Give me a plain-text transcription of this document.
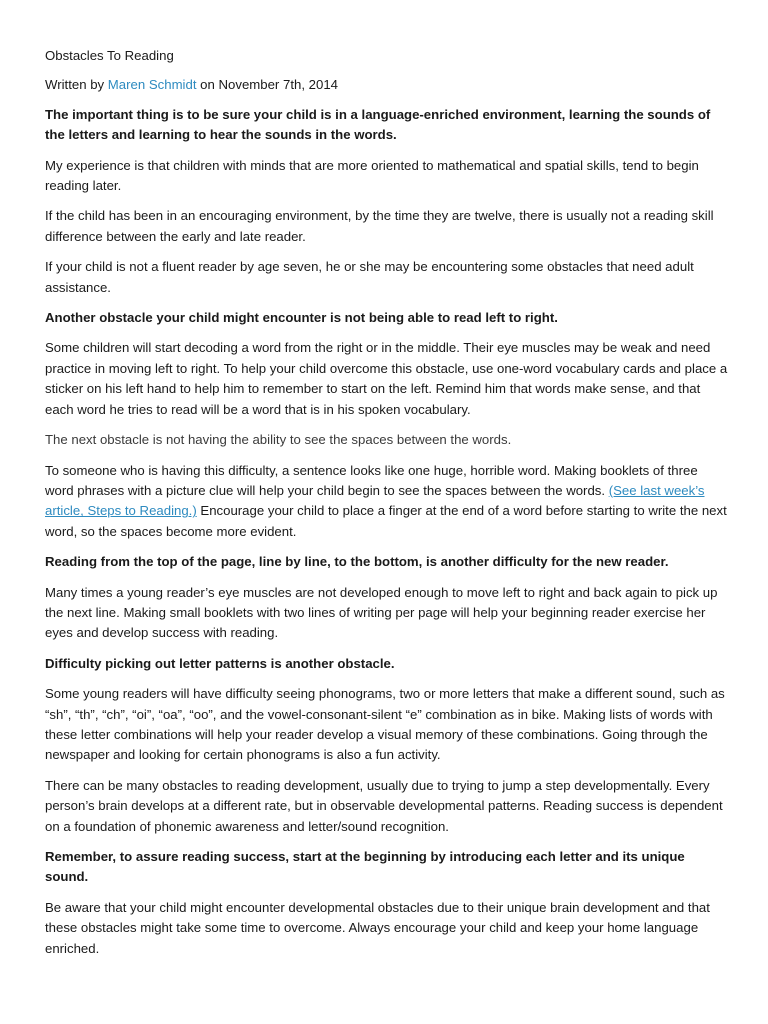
Obstacles To Reading
Written by Maren Schmidt on November 7th, 2014

The important thing is to be sure your child is in a language-enriched environment, learning the sounds of the letters and learning to hear the sounds in the words.

My experience is that children with minds that are more oriented to mathematical and spatial skills, tend to begin reading later.

If the child has been in an encouraging environment, by the time they are twelve, there is usually not a reading skill difference between the early and late reader.

If your child is not a fluent reader by age seven, he or she may be encountering some obstacles that need adult assistance.

Another obstacle your child might encounter is not being able to read left to right.

Some children will start decoding a word from the right or in the middle. Their eye muscles may be weak and need practice in moving left to right. To help your child overcome this obstacle, use one-word vocabulary cards and place a sticker on his left hand to help him to remember to start on the left. Remind him that words make sense, and that each word he tries to read will be a word that is in his spoken vocabulary.

The next obstacle is not having the ability to see the spaces between the words.

To someone who is having this difficulty, a sentence looks like one huge, horrible word. Making booklets of three word phrases with a picture clue will help your child begin to see the spaces between the words. (See last week’s article, Steps to Reading.) Encourage your child to place a finger at the end of a word before starting to write the next word, so the spaces become more evident.

Reading from the top of the page, line by line, to the bottom, is another difficulty for the new reader.

Many times a young reader’s eye muscles are not developed enough to move left to right and back again to pick up the next line. Making small booklets with two lines of writing per page will help your beginning reader exercise her eyes and develop success with reading.

Difficulty picking out letter patterns is another obstacle.

Some young readers will have difficulty seeing phonograms, two or more letters that make a different sound, such as “sh”, “th”, “ch”, “oi”, “oa”, “oo”, and the vowel-consonant-silent “e” combination as in bike. Making lists of words with these letter combinations will help your reader develop a visual memory of these combinations. Going through the newspaper and looking for certain phonograms is also a fun activity.

There can be many obstacles to reading development, usually due to trying to jump a step developmentally. Every person’s brain develops at a different rate, but in observable developmental patterns. Reading success is dependent on a foundation of phonemic awareness and letter/sound recognition.

Remember, to assure reading success, start at the beginning by introducing each letter and its unique sound.

Be aware that your child might encounter developmental obstacles due to their unique brain development and that these obstacles might take some time to overcome. Always encourage your child and keep your home language enriched.
